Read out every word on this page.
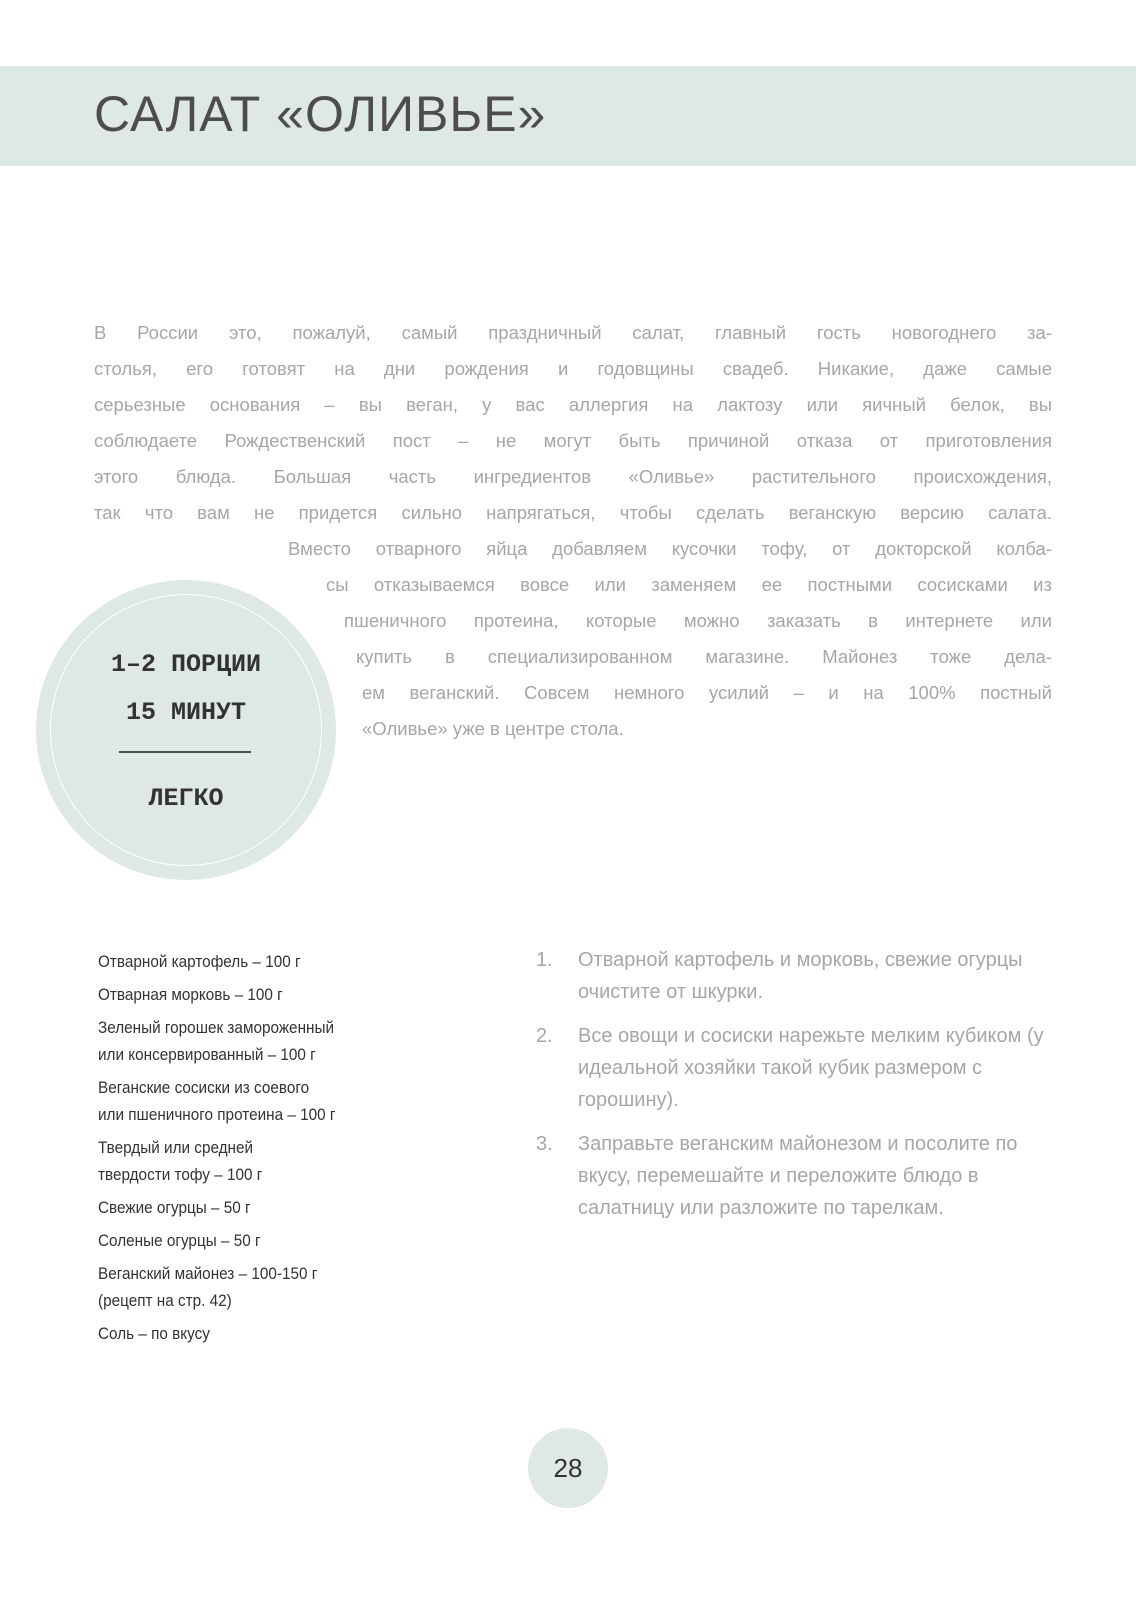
САЛАТ «ОЛИВЬЕ»
В России это, пожалуй, самый праздничный салат, главный гость новогоднего за-
столья, его готовят на дни рождения и годовщины свадеб. Никакие, даже самые
серьезные основания – вы веган, у вас аллергия на лактозу или яичный белок, вы
соблюдаете Рождественский пост – не могут быть причиной отказа от приготовления
этого блюда. Большая часть ингредиентов «Оливье» растительного происхождения,
так что вам не придется сильно напрягаться, чтобы сделать веганскую версию салата.
Вместо отварного яйца добавляем кусочки тофу, от докторской колба-
сы отказываемся вовсе или заменяем ее постными сосисками из
пшеничного протеина, которые можно заказать в интернете или
купить в специализированном магазине. Майонез тоже дела-
ем веганский. Совсем немного усилий – и на 100% постный
«Оливье» уже в центре стола.
1–2 ПОРЦИИ
15 МИНУТ
ЛЕГКО
Отварной картофель – 100 г
Отварная морковь – 100 г
Зеленый горошек замороженный
или консервированный – 100 г
Веганские сосиски из соевого
или пшеничного протеина – 100 г
Твердый или средней
твердости тофу – 100 г
Свежие огурцы – 50 г
Соленые огурцы – 50 г
Веганский майонез – 100-150 г
(рецепт на стр. 42)
Соль – по вкусу
1. Отварной картофель и морковь, свежие огурцы очистите от шкурки.
2. Все овощи и сосиски нарежьте мелким кубиком (у идеальной хозяйки такой кубик размером с горошину).
3. Заправьте веганским майонезом и посолите по вкусу, перемешайте и переложите блюдо в салатницу или разложите по тарелкам.
28
